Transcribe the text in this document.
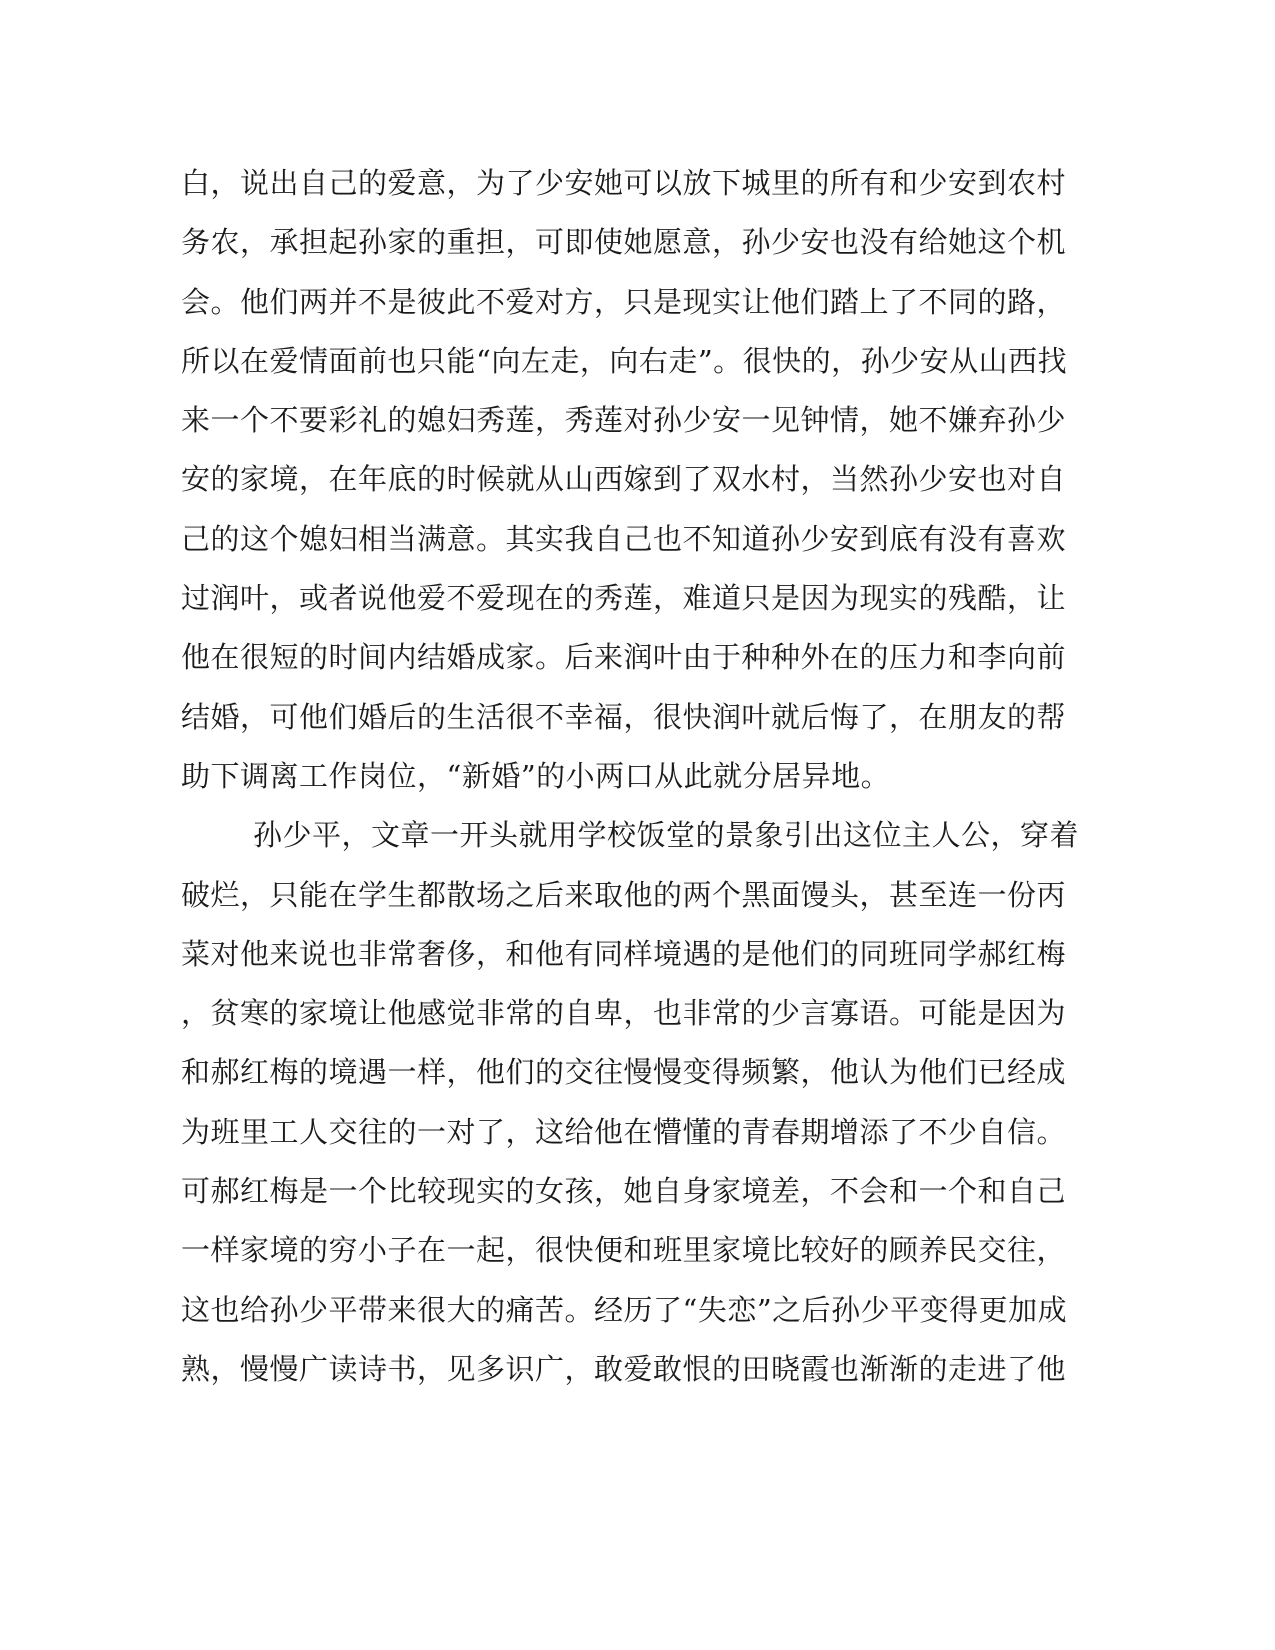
白，说出自己的爱意，为了少安她可以放下城里的所有和少安到农村
务农，承担起孙家的重担，可即使她愿意，孙少安也没有给她这个机
会。他们两并不是彼此不爱对方，只是现实让他们踏上了不同的路，
所以在爱情面前也只能“向左走，向右走”。很快的，孙少安从山西找
来一个不要彩礼的媳妇秀莲，秀莲对孙少安一见钟情，她不嫌弃孙少
安的家境，在年底的时候就从山西嫁到了双水村，当然孙少安也对自
己的这个媳妇相当满意。其实我自己也不知道孙少安到底有没有喜欢
过润叶，或者说他爱不爱现在的秀莲，难道只是因为现实的残酷，让
他在很短的时间内结婚成家。后来润叶由于种种外在的压力和李向前
结婚，可他们婚后的生活很不幸福，很快润叶就后悔了，在朋友的帮
助下调离工作岗位，“新婚”的小两口从此就分居异地。
孙少平，文章一开头就用学校饭堂的景象引出这位主人公，穿着
破烂，只能在学生都散场之后来取他的两个黑面馒头，甚至连一份丙
菜对他来说也非常奢侈，和他有同样境遇的是他们的同班同学郝红梅
，贫寒的家境让他感觉非常的自卑，也非常的少言寡语。可能是因为
和郝红梅的境遇一样，他们的交往慢慢变得频繁，他认为他们已经成
为班里工人交往的一对了，这给他在懵懂的青春期增添了不少自信。
可郝红梅是一个比较现实的女孩，她自身家境差，不会和一个和自己
一样家境的穷小子在一起，很快便和班里家境比较好的顾养民交往，
这也给孙少平带来很大的痛苦。经历了“失恋”之后孙少平变得更加成
熟，慢慢广读诗书，见多识广，敢爱敢恨的田晓霞也渐渐的走进了他
